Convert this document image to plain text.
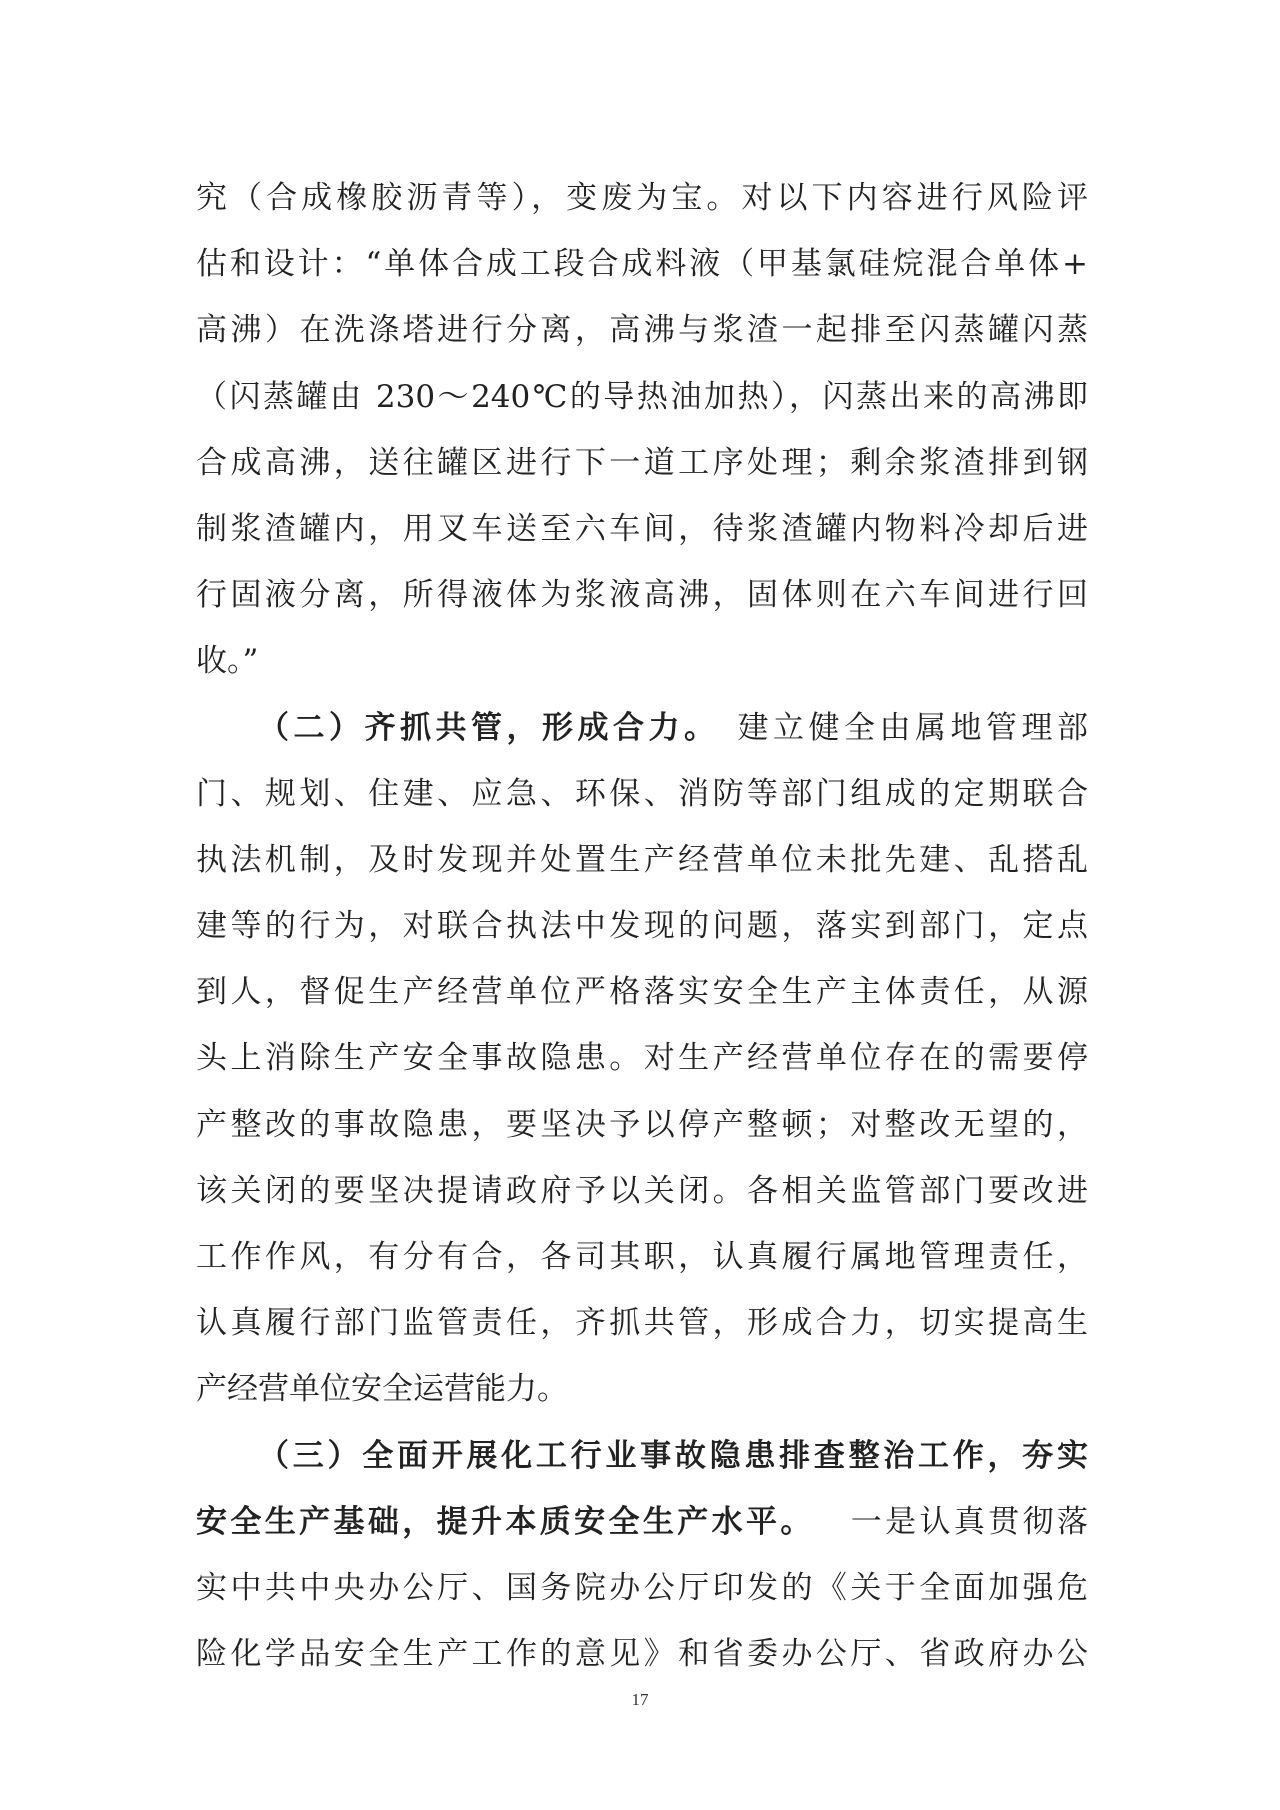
究（合成橡胶沥青等），变废为宝。对以下内容进行风险评
估和设计：“单体合成工段合成料液（甲基氯硅烷混合单体+
高沸）在洗涤塔进行分离，高沸与浆渣一起排至闪蒸罐闪蒸
（闪蒸罐由 230～240℃的导热油加热），闪蒸出来的高沸即
合成高沸，送往罐区进行下一道工序处理；剩余浆渣排到钢
制浆渣罐内，用叉车送至六车间，待浆渣罐内物料冷却后进
行固液分离，所得液体为浆液高沸，固体则在六车间进行回
收。”
（二）齐抓共管，形成合力。 建立健全由属地管理部
门、规划、住建、应急、环保、消防等部门组成的定期联合
执法机制，及时发现并处置生产经营单位未批先建、乱搭乱
建等的行为，对联合执法中发现的问题，落实到部门，定点
到人，督促生产经营单位严格落实安全生产主体责任，从源
头上消除生产安全事故隐患。对生产经营单位存在的需要停
产整改的事故隐患，要坚决予以停产整顿；对整改无望的，
该关闭的要坚决提请政府予以关闭。各相关监管部门要改进
工作作风，有分有合，各司其职，认真履行属地管理责任，
认真履行部门监管责任，齐抓共管，形成合力，切实提高生
产经营单位安全运营能力。
（三）全面开展化工行业事故隐患排查整治工作，夯实
安全生产基础，提升本质安全生产水平。 一是认真贯彻落
实中共中央办公厅、国务院办公厅印发的《关于全面加强危
险化学品安全生产工作的意见》和省委办公厅、省政府办公
17
